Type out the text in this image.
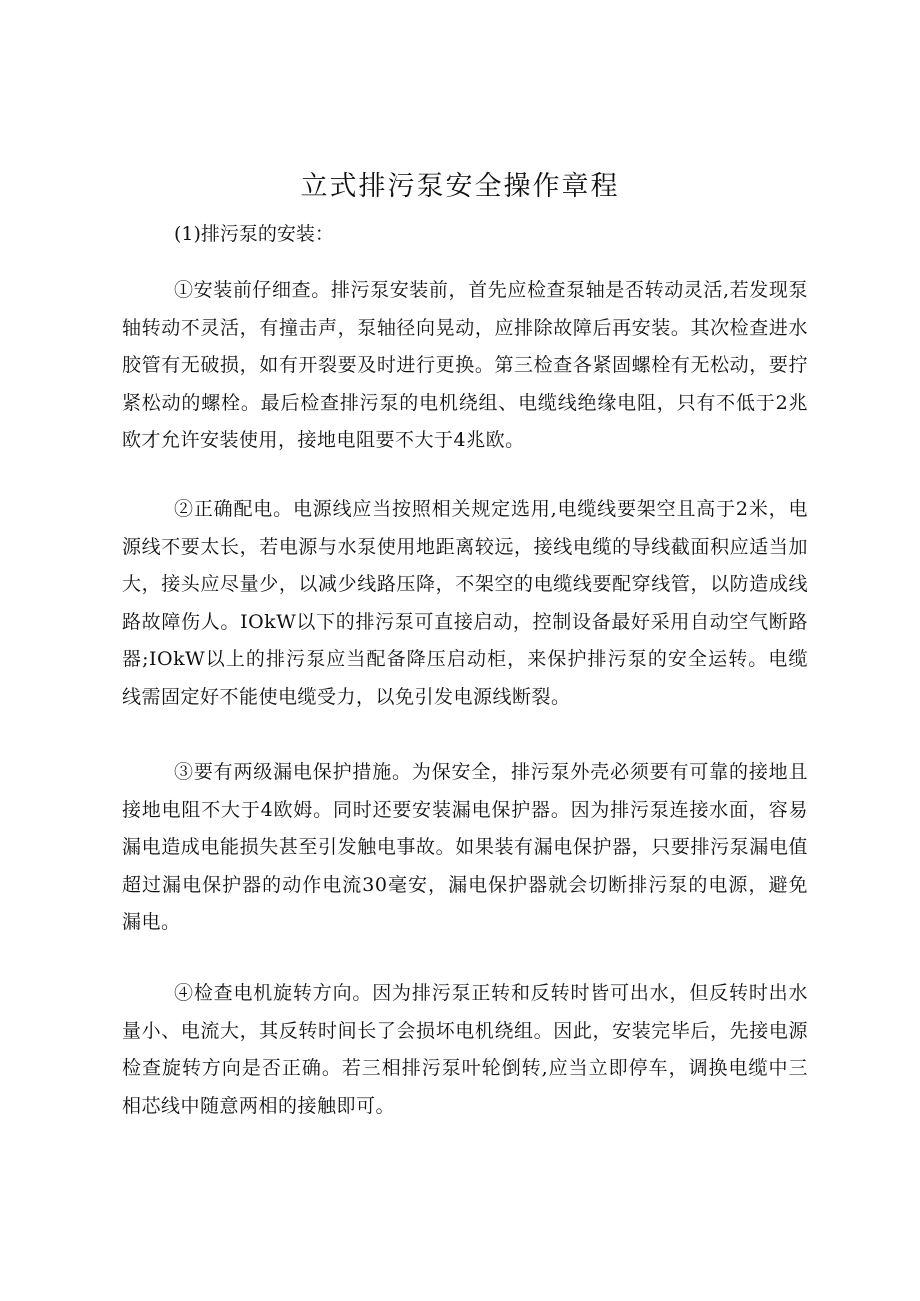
立式排污泵安全操作章程

(1)排污泵的安装：

①安装前仔细查。排污泵安装前，首先应检查泵轴是否转动灵活,若发现泵轴转动不灵活，有撞击声，泵轴径向晃动，应排除故障后再安装。其次检查进水胶管有无破损，如有开裂要及时进行更换。第三检查各紧固螺栓有无松动，要拧紧松动的螺栓。最后检查排污泵的电机绕组、电缆线绝缘电阻，只有不低于2兆欧才允许安装使用，接地电阻要不大于4兆欧。

②正确配电。电源线应当按照相关规定选用,电缆线要架空且高于2米，电源线不要太长，若电源与水泵使用地距离较远，接线电缆的导线截面积应适当加大，接头应尽量少，以减少线路压降，不架空的电缆线要配穿线管，以防造成线路故障伤人。IOkW以下的排污泵可直接启动，控制设备最好采用自动空气断路器;IOkW以上的排污泵应当配备降压启动柜，来保护排污泵的安全运转。电缆线需固定好不能使电缆受力，以免引发电源线断裂。

③要有两级漏电保护措施。为保安全，排污泵外壳必须要有可靠的接地且接地电阻不大于4欧姆。同时还要安装漏电保护器。因为排污泵连接水面，容易漏电造成电能损失甚至引发触电事故。如果装有漏电保护器，只要排污泵漏电值超过漏电保护器的动作电流30毫安，漏电保护器就会切断排污泵的电源，避免漏电。

④检查电机旋转方向。因为排污泵正转和反转时皆可出水，但反转时出水量小、电流大，其反转时间长了会损坏电机绕组。因此，安装完毕后，先接电源检查旋转方向是否正确。若三相排污泵叶轮倒转,应当立即停车，调换电缆中三相芯线中随意两相的接触即可。
